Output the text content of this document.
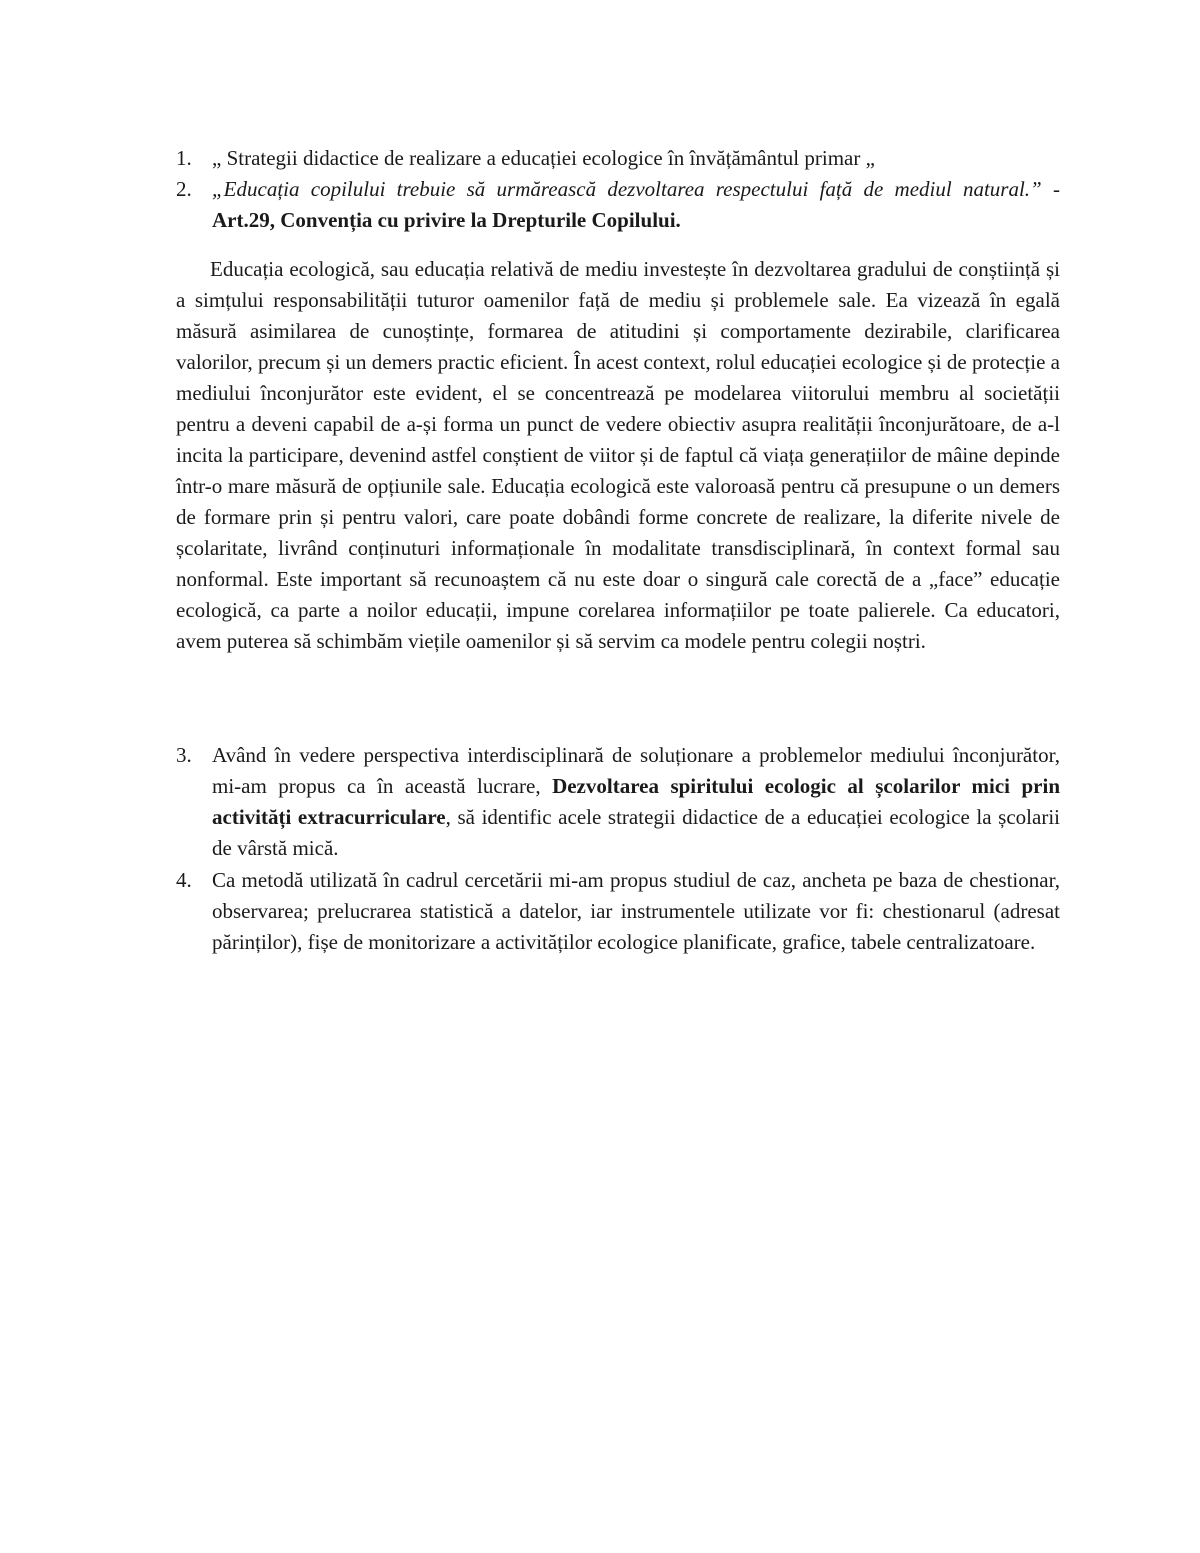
1. „ Strategii didactice de realizare a educației ecologice în învățământul primar „
2. „Educația copilului trebuie să urmărească dezvoltarea respectului față de mediul natural.” - Art.29, Convenția cu privire la Drepturile Copilului.
Educația ecologică, sau educația relativă de mediu investește în dezvoltarea gradului de conștiință și a simțului responsabilității tuturor oamenilor față de mediu și problemele sale. Ea vizează în egală măsură asimilarea de cunoștințe, formarea de atitudini și comportamente dezirabile, clarificarea valorilor, precum și un demers practic eficient. În acest context, rolul educației ecologice și de protecție a mediului înconjurător este evident, el se concentrează pe modelarea viitorului membru al societății pentru a deveni capabil de a-și forma un punct de vedere obiectiv asupra realității înconjurătoare, de a-l incita la participare, devenind astfel conștient de viitor și de faptul că viața generațiilor de mâine depinde într-o mare măsură de opțiunile sale. Educația ecologică este valoroasă pentru că presupune o un demers de formare prin și pentru valori, care poate dobândi forme concrete de realizare, la diferite nivele de școlaritate, livrând conținuturi informaționale în modalitate transdisciplinară, în context formal sau nonformal. Este important să recunoaștem că nu este doar o singură cale corectă de a „face” educație ecologică, ca parte a noilor educații, impune corelarea informațiilor pe toate palierele. Ca educatori, avem puterea să schimbăm viețile oamenilor și să servim ca modele pentru colegii noștri.
3. Având în vedere perspectiva interdisciplinară de soluționare a problemelor mediului înconjurător, mi-am propus ca în această lucrare, Dezvoltarea spiritului ecologic al școlarilor mici prin activități extracurriculare, să identific acele strategii didactice de a educației ecologice la școlarii de vârstă mică.
4. Ca metodă utilizată în cadrul cercetării mi-am propus studiul de caz, ancheta pe baza de chestionar, observarea; prelucrarea statistică a datelor, iar instrumentele utilizate vor fi: chestionarul (adresat părinților), fișe de monitorizare a activităților ecologice planificate, grafice, tabele centralizatoare.
